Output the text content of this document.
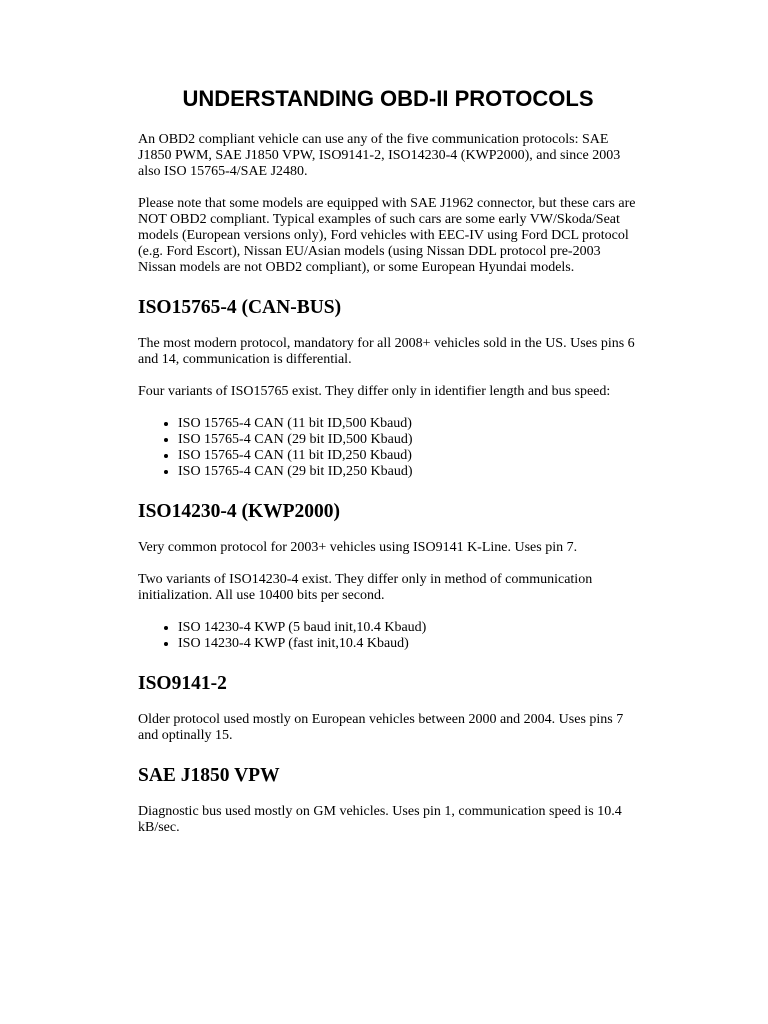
UNDERSTANDING OBD-II PROTOCOLS

An OBD2 compliant vehicle can use any of the five communication protocols: SAE J1850 PWM, SAE J1850 VPW, ISO9141-2, ISO14230-4 (KWP2000), and since 2003 also ISO 15765-4/SAE J2480.

Please note that some models are equipped with SAE J1962 connector, but these cars are NOT OBD2 compliant. Typical examples of such cars are some early VW/Skoda/Seat models (European versions only), Ford vehicles with EEC-IV using Ford DCL protocol (e.g. Ford Escort), Nissan EU/Asian models (using Nissan DDL protocol pre-2003 Nissan models are not OBD2 compliant), or some European Hyundai models.

ISO15765-4 (CAN-BUS)

The most modern protocol, mandatory for all 2008+ vehicles sold in the US. Uses pins 6 and 14, communication is differential.

Four variants of ISO15765 exist. They differ only in identifier length and bus speed:

• ISO 15765-4 CAN (11 bit ID,500 Kbaud)
• ISO 15765-4 CAN (29 bit ID,500 Kbaud)
• ISO 15765-4 CAN (11 bit ID,250 Kbaud)
• ISO 15765-4 CAN (29 bit ID,250 Kbaud)
ISO14230-4 (KWP2000)

Very common protocol for 2003+ vehicles using ISO9141 K-Line. Uses pin 7.

Two variants of ISO14230-4 exist. They differ only in method of communication initialization. All use 10400 bits per second.

• ISO 14230-4 KWP (5 baud init,10.4 Kbaud)
• ISO 14230-4 KWP (fast init,10.4 Kbaud)
ISO9141-2

Older protocol used mostly on European vehicles between 2000 and 2004. Uses pins 7 and optinally 15.

SAE J1850 VPW

Diagnostic bus used mostly on GM vehicles. Uses pin 1, communication speed is 10.4 kB/sec.
